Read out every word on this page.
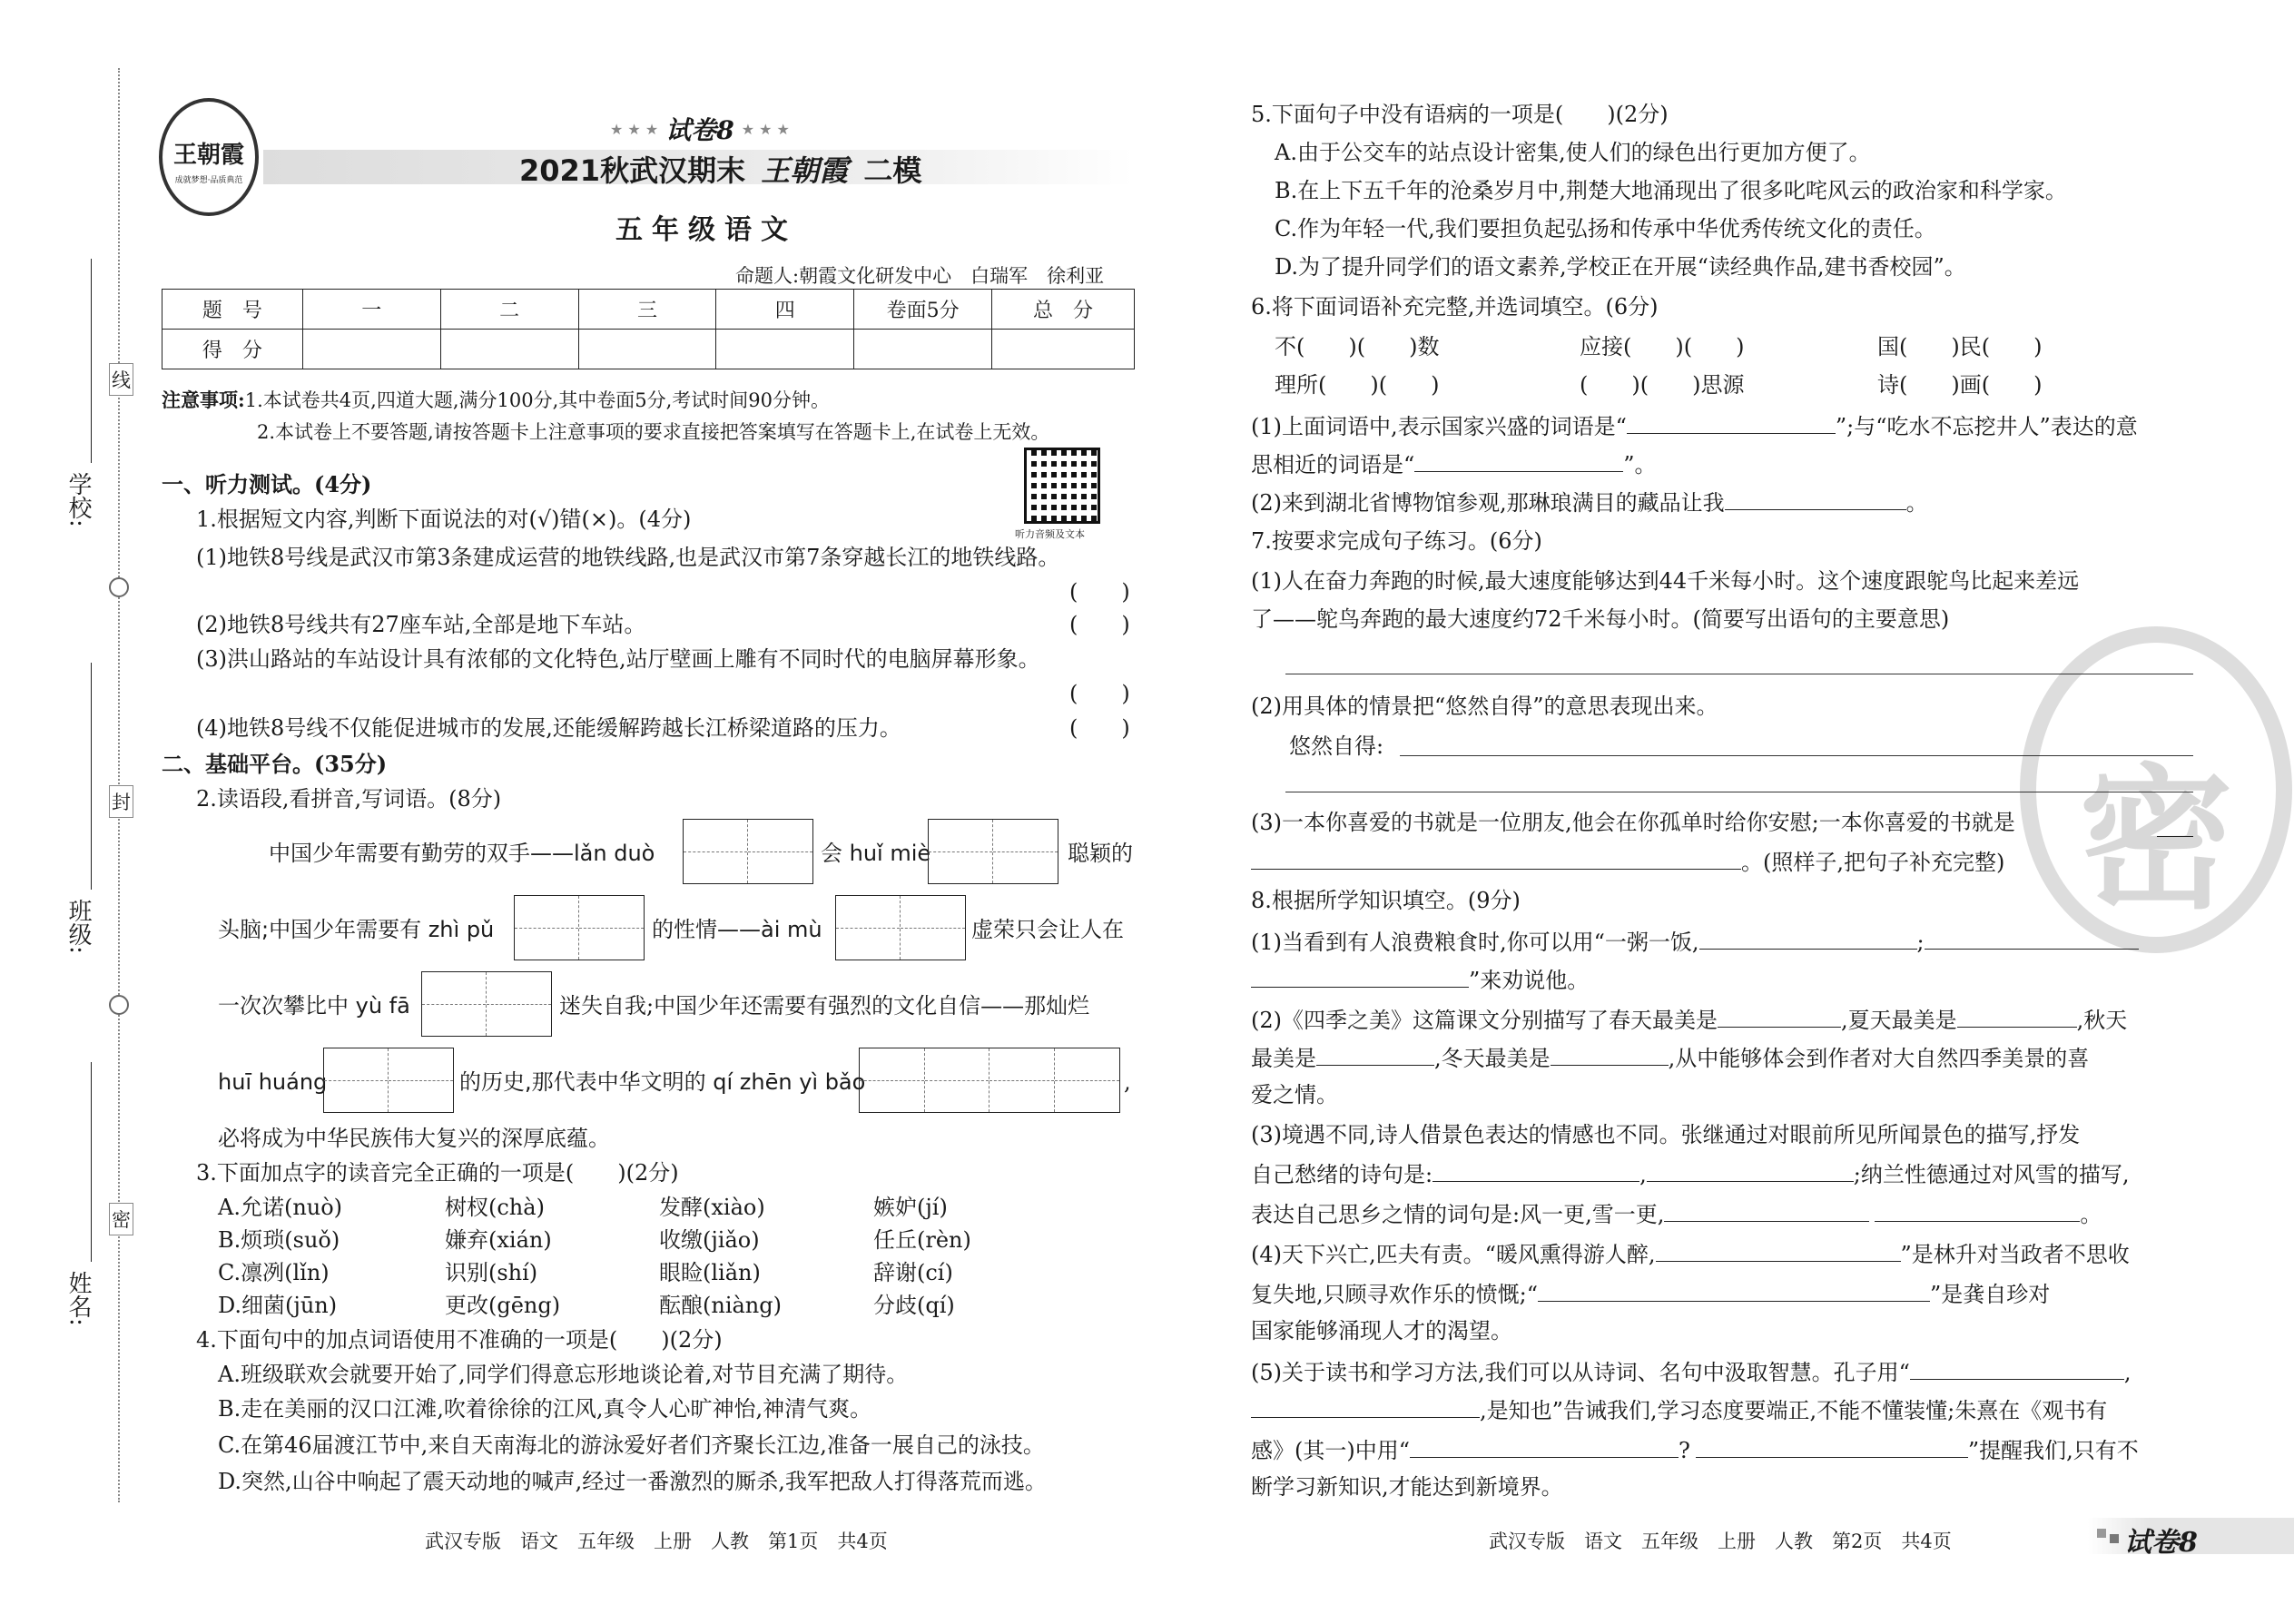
学校:
班级:
姓名:
线
封
密
王朝霞
成就梦想·品质典范
★ ★ ★ 试卷8 ★ ★ ★
2021秋武汉期末 王朝霞 二模
五年级语文
命题人:朝霞文化研发中心　白瑞军　徐利亚
题　号	一	二	三	四	卷面5分	总　分
得　分						
注意事项:1.本试卷共4页,四道大题,满分100分,其中卷面5分,考试时间90分钟。
2.本试卷上不要答题,请按答题卡上注意事项的要求直接把答案填写在答题卡上,在试卷上无效。
听力音频及文本
一、听力测试。(4分)
1.根据短文内容,判断下面说法的对(√)错(×)。(4分)
(1)地铁8号线是武汉市第3条建成运营的地铁线路,也是武汉市第7条穿越长江的地铁线路。
(　　)
(2)地铁8号线共有27座车站,全部是地下车站。	(　　)
(3)洪山路站的车站设计具有浓郁的文化特色,站厅壁画上雕有不同时代的电脑屏幕形象。
(　　)
(4)地铁8号线不仅能促进城市的发展,还能缓解跨越长江桥梁道路的压力。	(　　)
二、基础平台。(35分)
2.读语段,看拼音,写词语。(8分)
中国少年需要有勤劳的双手——lǎn duò	会 huǐ miè	聪颖的
头脑;中国少年需要有 zhì pǔ	的性情——ài mù	虚荣只会让人在
一次次攀比中 yù fā	迷失自我;中国少年还需要有强烈的文化自信——那灿烂
huī huáng	的历史,那代表中华文明的 qí zhēn yì bǎo	,
必将成为中华民族伟大复兴的深厚底蕴。
3.下面加点字的读音完全正确的一项是(　　)(2分)
A.允诺(nuò)	树杈(chà)	发酵(xiào)	嫉妒(jí)
B.烦琐(suǒ)	嫌弃(xián)	收缴(jiǎo)	任丘(rèn)
C.凛冽(lǐn)	识别(shí)	眼睑(liǎn)	辞谢(cí)
D.细菌(jūn)	更改(gēng)	酝酿(niàng)	分歧(qí)
4.下面句中的加点词语使用不准确的一项是(　　)(2分)
A.班级联欢会就要开始了,同学们得意忘形地谈论着,对节目充满了期待。
B.走在美丽的汉口江滩,吹着徐徐的江风,真令人心旷神怡,神清气爽。
C.在第46届渡江节中,来自天南海北的游泳爱好者们齐聚长江边,准备一展自己的泳技。
D.突然,山谷中响起了震天动地的喊声,经过一番激烈的厮杀,我军把敌人打得落荒而逃。
武汉专版　语文　五年级　上册　人教　第1页　共4页
密
5.下面句子中没有语病的一项是(　　)(2分)
A.由于公交车的站点设计密集,使人们的绿色出行更加方便了。
B.在上下五千年的沧桑岁月中,荆楚大地涌现出了很多叱咤风云的政治家和科学家。
C.作为年轻一代,我们要担负起弘扬和传承中华优秀传统文化的责任。
D.为了提升同学们的语文素养,学校正在开展“读经典作品,建书香校园”。
6.将下面词语补充完整,并选词填空。(6分)
不(　　)(　　)数	应接(　　)(　　)	国(　　)民(　　)
理所(　　)(　　)	(　　)(　　)思源	诗(　　)画(　　)
(1)上面词语中,表示国家兴盛的词语是“	”;与“吃水不忘挖井人”表达的意
思相近的词语是“	”。
(2)来到湖北省博物馆参观,那琳琅满目的藏品让我	。
7.按要求完成句子练习。(6分)
(1)人在奋力奔跑的时候,最大速度能够达到44千米每小时。这个速度跟鸵鸟比起来差远
了——鸵鸟奔跑的最大速度约72千米每小时。(简要写出语句的主要意思)
(2)用具体的情景把“悠然自得”的意思表现出来。
悠然自得:
(3)一本你喜爱的书就是一位朋友,他会在你孤单时给你安慰;一本你喜爱的书就是
。(照样子,把句子补充完整)
8.根据所学知识填空。(9分)
(1)当看到有人浪费粮食时,你可以用“一粥一饭,	;
”来劝说他。
(2)《四季之美》这篇课文分别描写了春天最美是	,夏天最美是	,秋天
最美是	,冬天最美是	,从中能够体会到作者对大自然四季美景的喜
爱之情。
(3)境遇不同,诗人借景色表达的情感也不同。张继通过对眼前所见所闻景色的描写,抒发
自己愁绪的诗句是:	,	;纳兰性德通过对风雪的描写,
表达自己思乡之情的词句是:风一更,雪一更,	。
(4)天下兴亡,匹夫有责。“暖风熏得游人醉,	”是林升对当政者不思收
复失地,只顾寻欢作乐的愤慨;“	”是龚自珍对
国家能够涌现人才的渴望。
(5)关于读书和学习方法,我们可以从诗词、名句中汲取智慧。孔子用“	,
,是知也”告诫我们,学习态度要端正,不能不懂装懂;朱熹在《观书有
感》(其一)中用“	?	”提醒我们,只有不
断学习新知识,才能达到新境界。
武汉专版　语文　五年级　上册　人教　第2页　共4页	试卷8
